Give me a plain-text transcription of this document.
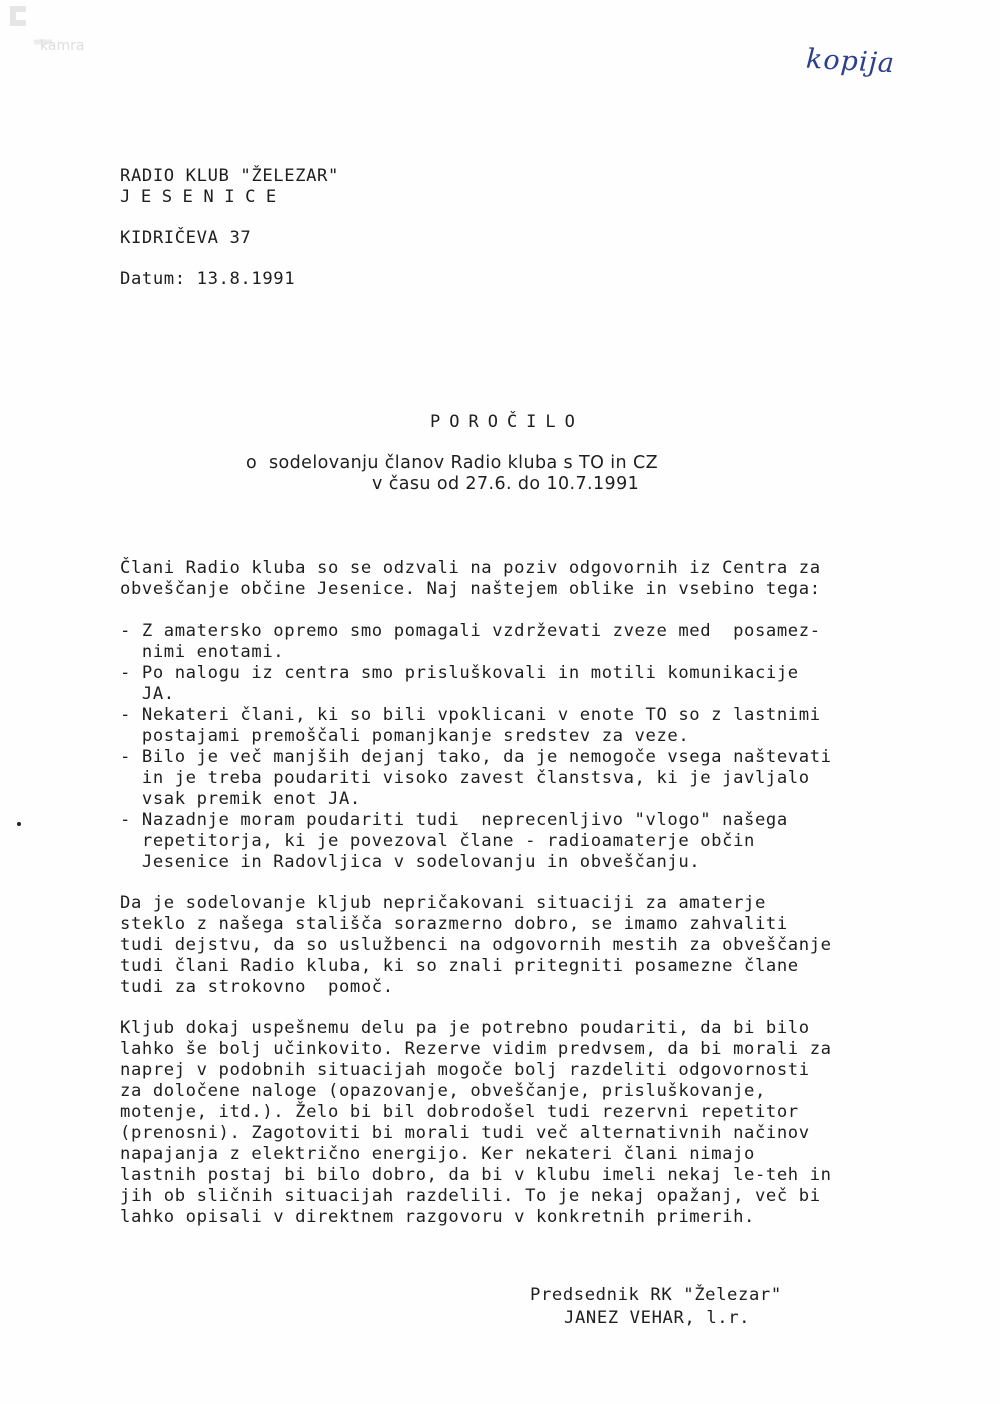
kamra	kopija
RADIO KLUB "ŽELEZAR"
JESENICE
KIDRIČEVA 37
Datum: 13.8.1991
POROČILO
o  sodelovanju članov Radio kluba s TO in CZ
v času od 27.6. do 10.7.1991
Člani Radio kluba so se odzvali na poziv odgovornih iz Centra za
obveščanje občine Jesenice. Naj naštejem oblike in vsebino tega:
- Z amatersko opremo smo pomagali vzdrževati zveze med  posamez-
nimi enotami.
- Po nalogu iz centra smo prisluškovali in motili komunikacije
JA.
- Nekateri člani, ki so bili vpoklicani v enote TO so z lastnimi
postajami premoščali pomanjkanje sredstev za veze.
- Bilo je več manjših dejanj tako, da je nemogoče vsega naštevati
in je treba poudariti visoko zavest članstsva, ki je javljalo
vsak premik enot JA.
- Nazadnje moram poudariti tudi  neprecenljivo "vlogo" našega
repetitorja, ki je povezoval člane - radioamaterje občin
Jesenice in Radovljica v sodelovanju in obveščanju.
Da je sodelovanje kljub nepričakovani situaciji za amaterje
steklo z našega stališča sorazmerno dobro, se imamo zahvaliti
tudi dejstvu, da so uslužbenci na odgovornih mestih za obveščanje
tudi člani Radio kluba, ki so znali pritegniti posamezne člane
tudi za strokovno  pomoč.
Kljub dokaj uspešnemu delu pa je potrebno poudariti, da bi bilo
lahko še bolj učinkovito. Rezerve vidim predvsem, da bi morali za
naprej v podobnih situacijah mogoče bolj razdeliti odgovornosti
za določene naloge (opazovanje, obveščanje, prisluškovanje,
motenje, itd.). Želo bi bil dobrodošel tudi rezervni repetitor
(prenosni). Zagotoviti bi morali tudi več alternativnih načinov
napajanja z električno energijo. Ker nekateri člani nimajo
lastnih postaj bi bilo dobro, da bi v klubu imeli nekaj le-teh in
jih ob sličnih situacijah razdelili. To je nekaj opažanj, več bi
lahko opisali v direktnem razgovoru v konkretnih primerih.
Predsednik RK "Železar"
JANEZ VEHAR, l.r.
